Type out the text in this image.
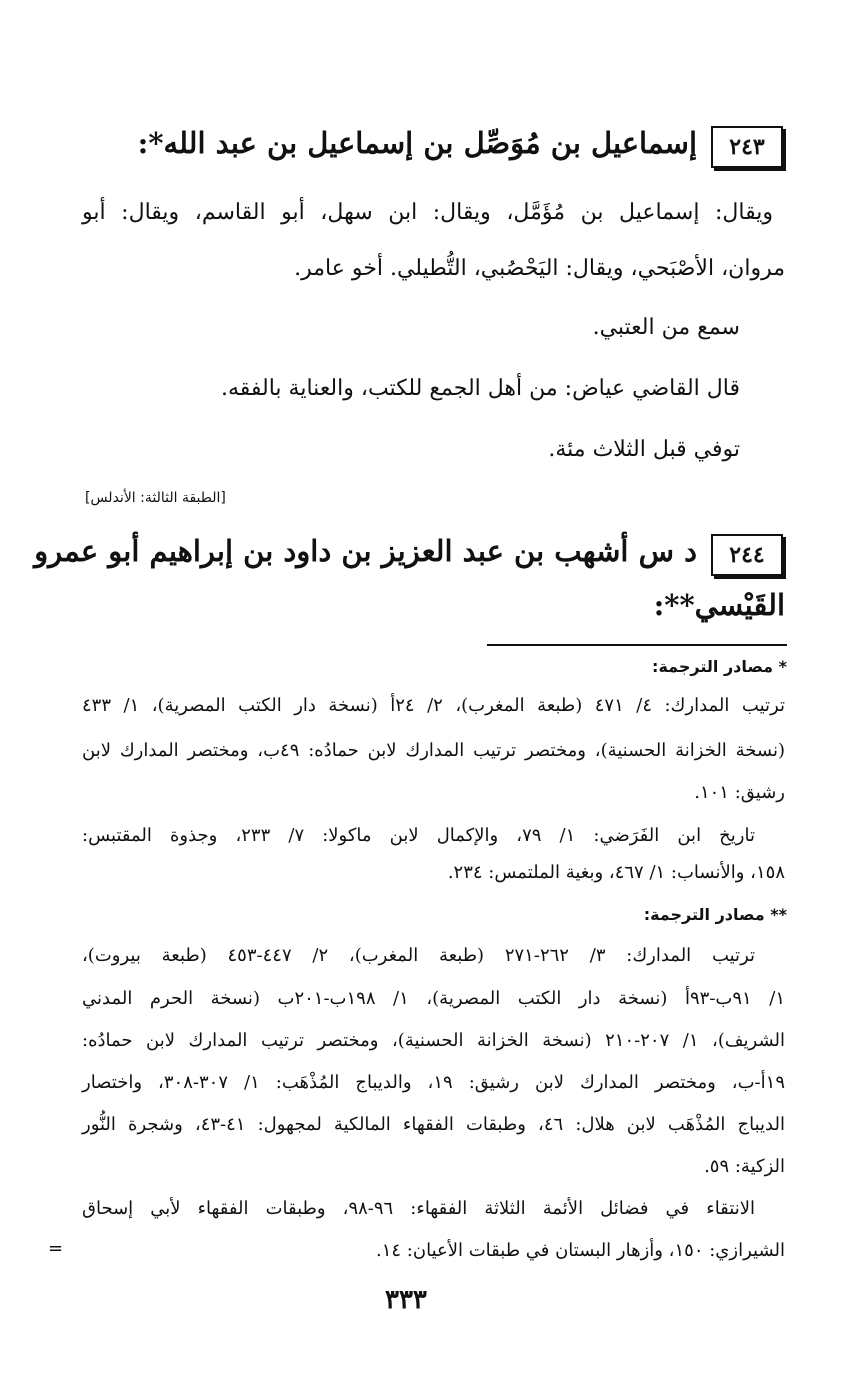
٢٤٣
إسماعيل بن مُوَصِّل بن إسماعيل بن عبد الله*:
ويقال: إسماعيل بن مُؤَمَّل، ويقال: ابن سهل، أبو القاسم، ويقال: أبو
مروان، الأصْبَحي، ويقال: اليَحْصُبي، التُّطيلي. أخو عامر.
سمع من العتبي.
قال القاضي عياض: من أهل الجمع للكتب، والعناية بالفقه.
توفي قبل الثلاث مئة.
[الطبقة الثالثة: الأندلس]
٢٤٤
د س أشهب بن عبد العزيز بن داود بن إبراهيم أبو عمرو
القَيْسي**:
* مصادر الترجمة:
ترتيب المدارك: ٤/ ٤٧١ (طبعة المغرب)، ٢/ ٢٤أ (نسخة دار الكتب المصرية)، ١/ ٤٣٣
(نسخة الخزانة الحسنية)، ومختصر ترتيب المدارك لابن حمادُه: ٤٩ب، ومختصر المدارك لابن
رشيق: ١٠١.
تاريخ ابن الفَرَضي: ١/ ٧٩، والإكمال لابن ماكولا: ٧/ ٢٣٣، وجذوة المقتبس:
١٥٨، والأنساب: ١/ ٤٦٧، وبغية الملتمس: ٢٣٤.
** مصادر الترجمة:
ترتيب المدارك: ٣/ ٢٦٢-٢٧١ (طبعة المغرب)، ٢/ ٤٤٧-٤٥٣ (طبعة بيروت)،
١/ ٩١ب-٩٣أ (نسخة دار الكتب المصرية)، ١/ ١٩٨ب-٢٠١ب (نسخة الحرم المدني
الشريف)، ١/ ٢٠٧-٢١٠ (نسخة الخزانة الحسنية)، ومختصر ترتيب المدارك لابن حمادُه:
١٩أ-ب، ومختصر المدارك لابن رشيق: ١٩، والديباج المُذْهَب: ١/ ٣٠٧-٣٠٨، واختصار
الديباج المُذْهَب لابن هلال: ٤٦، وطبقات الفقهاء المالكية لمجهول: ٤١-٤٣، وشجرة النُّور
الزكية: ٥٩.
الانتقاء في فضائل الأئمة الثلاثة الفقهاء: ٩٦-٩٨، وطبقات الفقهاء لأبي إسحاق
الشيرازي: ١٥٠، وأزهار البستان في طبقات الأعيان: ١٤.
=
٣٣٣
